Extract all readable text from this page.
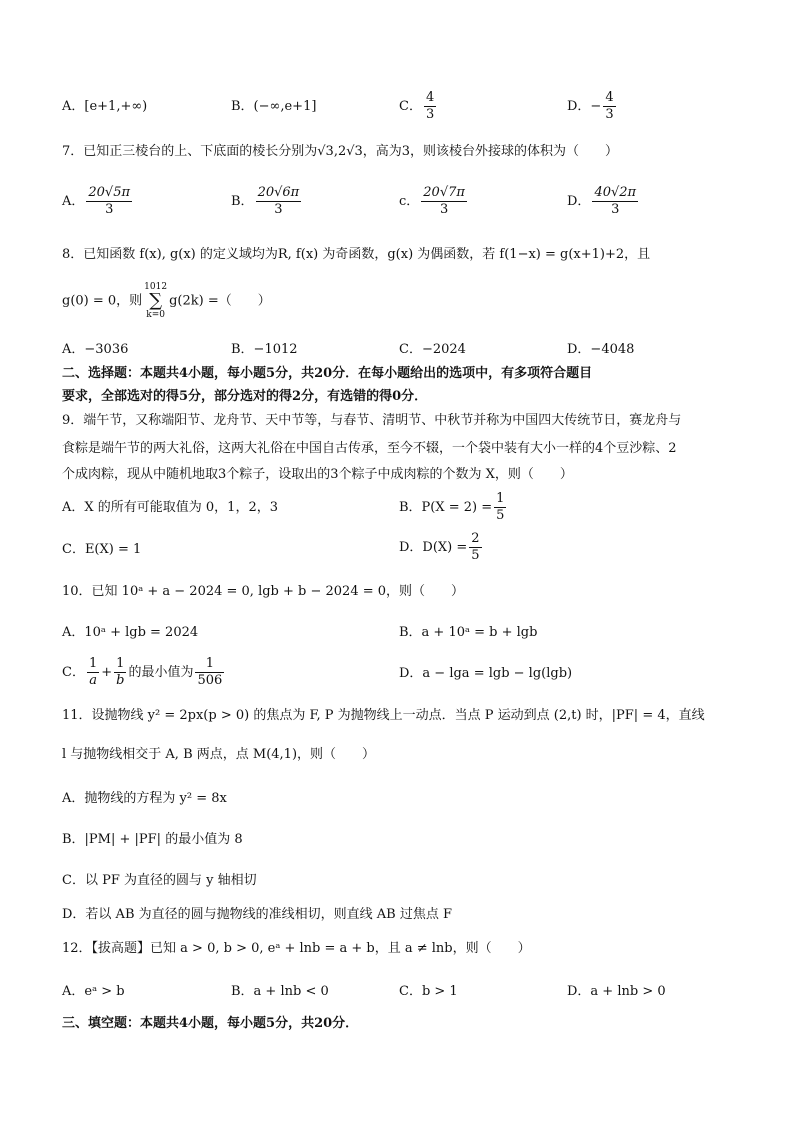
A．[e+1,+∞)	B．(−∞,e+1]	C． $\frac{4}{3}$	D．− $\frac{4}{3}$
7．已知正三棱台的上、下底面的棱长分别为√3,2√3，高为3，则该棱台外接球的体积为（　　）
A． $\frac{20√5\pi}{3}$	B． $\frac{20√6\pi}{3}$	c． $\frac{20√7\pi}{3}$	D． $\frac{40√2\pi}{3}$
8．已知函数 f(x), g(x) 的定义域均为R, f(x) 为奇函数，g(x) 为偶函数，若 f(1−x) = g(x+1)+2，且
g(0) = 0，则1012
∑
k=0g(2k) =（　　）
A．−3036	B．−1012	C．−2024	D．−4048
二、选择题：本题共4小题，每小题5分，共20分．在每小题给出的选项中，有多项符合题目
要求，全部选对的得5分，部分选对的得2分，有选错的得0分．
9．端午节，又称端阳节、龙舟节、天中节等，与春节、清明节、中秋节并称为中国四大传统节日，赛龙舟与
食粽是端午节的两大礼俗，这两大礼俗在中国自古传承，至今不辍，一个袋中装有大小一样的4个豆沙粽、2
个成肉粽，现从中随机地取3个粽子，设取出的3个粽子中成肉粽的个数为 X，则（　　）
A．X 的所有可能取值为 0，1，2，3	B．$P(X = 2) = \frac{1}{5}$
C．E(X) = 1	D．$D(X) = \frac{2}{5}$
10．已知 10ᵃ + a − 2024 = 0, lgb + b − 2024 = 0，则（　　）
A．10ᵃ + lgb = 2024	B．a + 10ᵃ = b + lgb
C． $\frac{1}{a} + \frac{1}{b}$ 的最小值为 $\frac{1}{506}$	D．a − lga = lgb − lg(lgb)
11．设抛物线 y² = 2px(p > 0) 的焦点为 F, P 为抛物线上一动点．当点 P 运动到点 (2,t) 时，|PF| = 4，直线
l 与抛物线相交于 A, B 两点，点 M(4,1)，则（　　）
A．抛物线的方程为 y² = 8x
B．|PM| + |PF| 的最小值为 8
C．以 PF 为直径的圆与 y 轴相切
D．若以 AB 为直径的圆与抛物线的准线相切，则直线 AB 过焦点 F
12．【拔高题】已知 a > 0, b > 0, eᵃ + lnb = a + b，且 a ≠ lnb，则（　　）
A．eᵃ > b	B．a + lnb < 0	C．b > 1	D．a + lnb > 0
三、填空题：本题共4小题，每小题5分，共20分．
